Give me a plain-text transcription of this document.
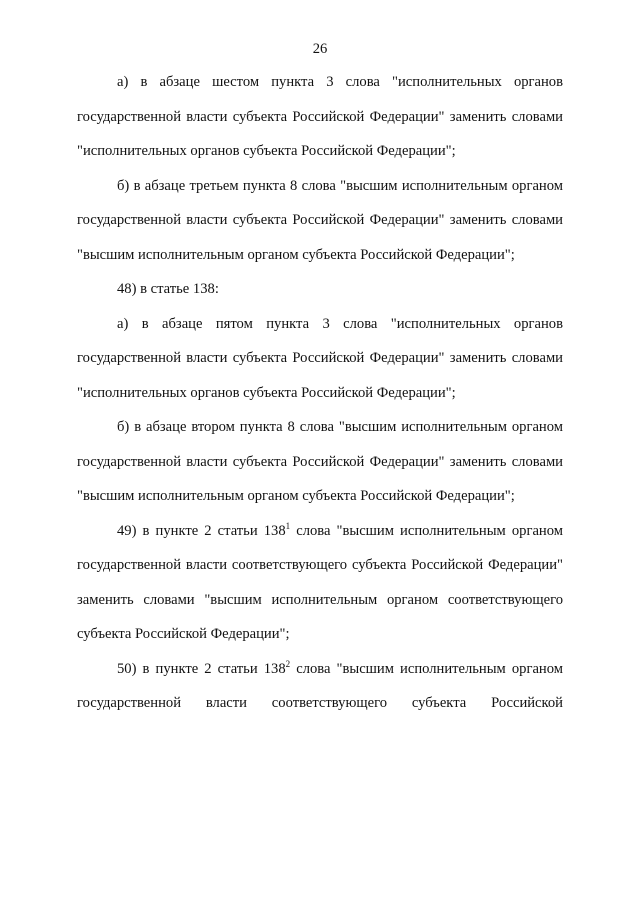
26

а) в абзаце шестом пункта 3 слова "исполнительных органов государственной власти субъекта Российской Федерации" заменить словами "исполнительных органов субъекта Российской Федерации";

б) в абзаце третьем пункта 8 слова "высшим исполнительным органом государственной власти субъекта Российской Федерации" заменить словами "высшим исполнительным органом субъекта Российской Федерации";

48) в статье 138:

а) в абзаце пятом пункта 3 слова "исполнительных органов государственной власти субъекта Российской Федерации" заменить словами "исполнительных органов субъекта Российской Федерации";

б) в абзаце втором пункта 8 слова "высшим исполнительным органом государственной власти субъекта Российской Федерации" заменить словами "высшим исполнительным органом субъекта Российской Федерации";

49) в пункте 2 статьи $138^1$ слова "высшим исполнительным органом государственной власти соответствующего субъекта Российской Федерации" заменить словами "высшим исполнительным органом соответствующего субъекта Российской Федерации";

50) в пункте 2 статьи $138^2$ слова "высшим исполнительным органом государственной власти соответствующего субъекта Российской
